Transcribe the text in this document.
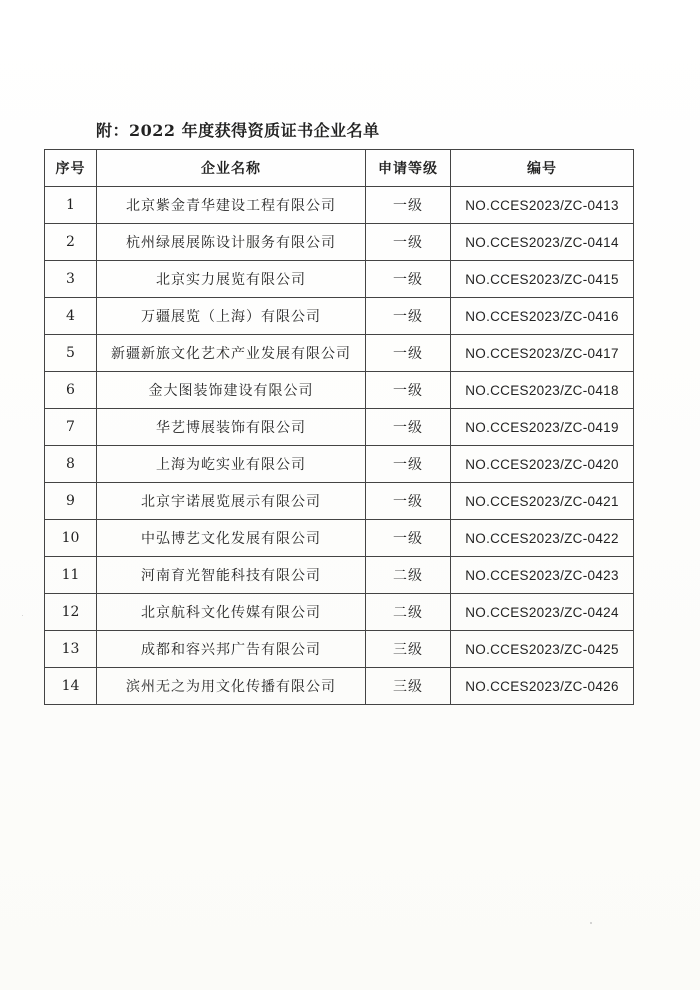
附：2022 年度获得资质证书企业名单
序号	企业名称	申请等级	编号
1	北京紫金青华建设工程有限公司	一级	NO.CCES2023/ZC-0413
2	杭州绿展展陈设计服务有限公司	一级	NO.CCES2023/ZC-0414
3	北京实力展览有限公司	一级	NO.CCES2023/ZC-0415
4	万疆展览（上海）有限公司	一级	NO.CCES2023/ZC-0416
5	新疆新旅文化艺术产业发展有限公司	一级	NO.CCES2023/ZC-0417
6	金大图装饰建设有限公司	一级	NO.CCES2023/ZC-0418
7	华艺博展装饰有限公司	一级	NO.CCES2023/ZC-0419
8	上海为屹实业有限公司	一级	NO.CCES2023/ZC-0420
9	北京宇诺展览展示有限公司	一级	NO.CCES2023/ZC-0421
10	中弘博艺文化发展有限公司	一级	NO.CCES2023/ZC-0422
11	河南育光智能科技有限公司	二级	NO.CCES2023/ZC-0423
12	北京航科文化传媒有限公司	二级	NO.CCES2023/ZC-0424
13	成都和容兴邦广告有限公司	三级	NO.CCES2023/ZC-0425
14	滨州无之为用文化传播有限公司	三级	NO.CCES2023/ZC-0426
